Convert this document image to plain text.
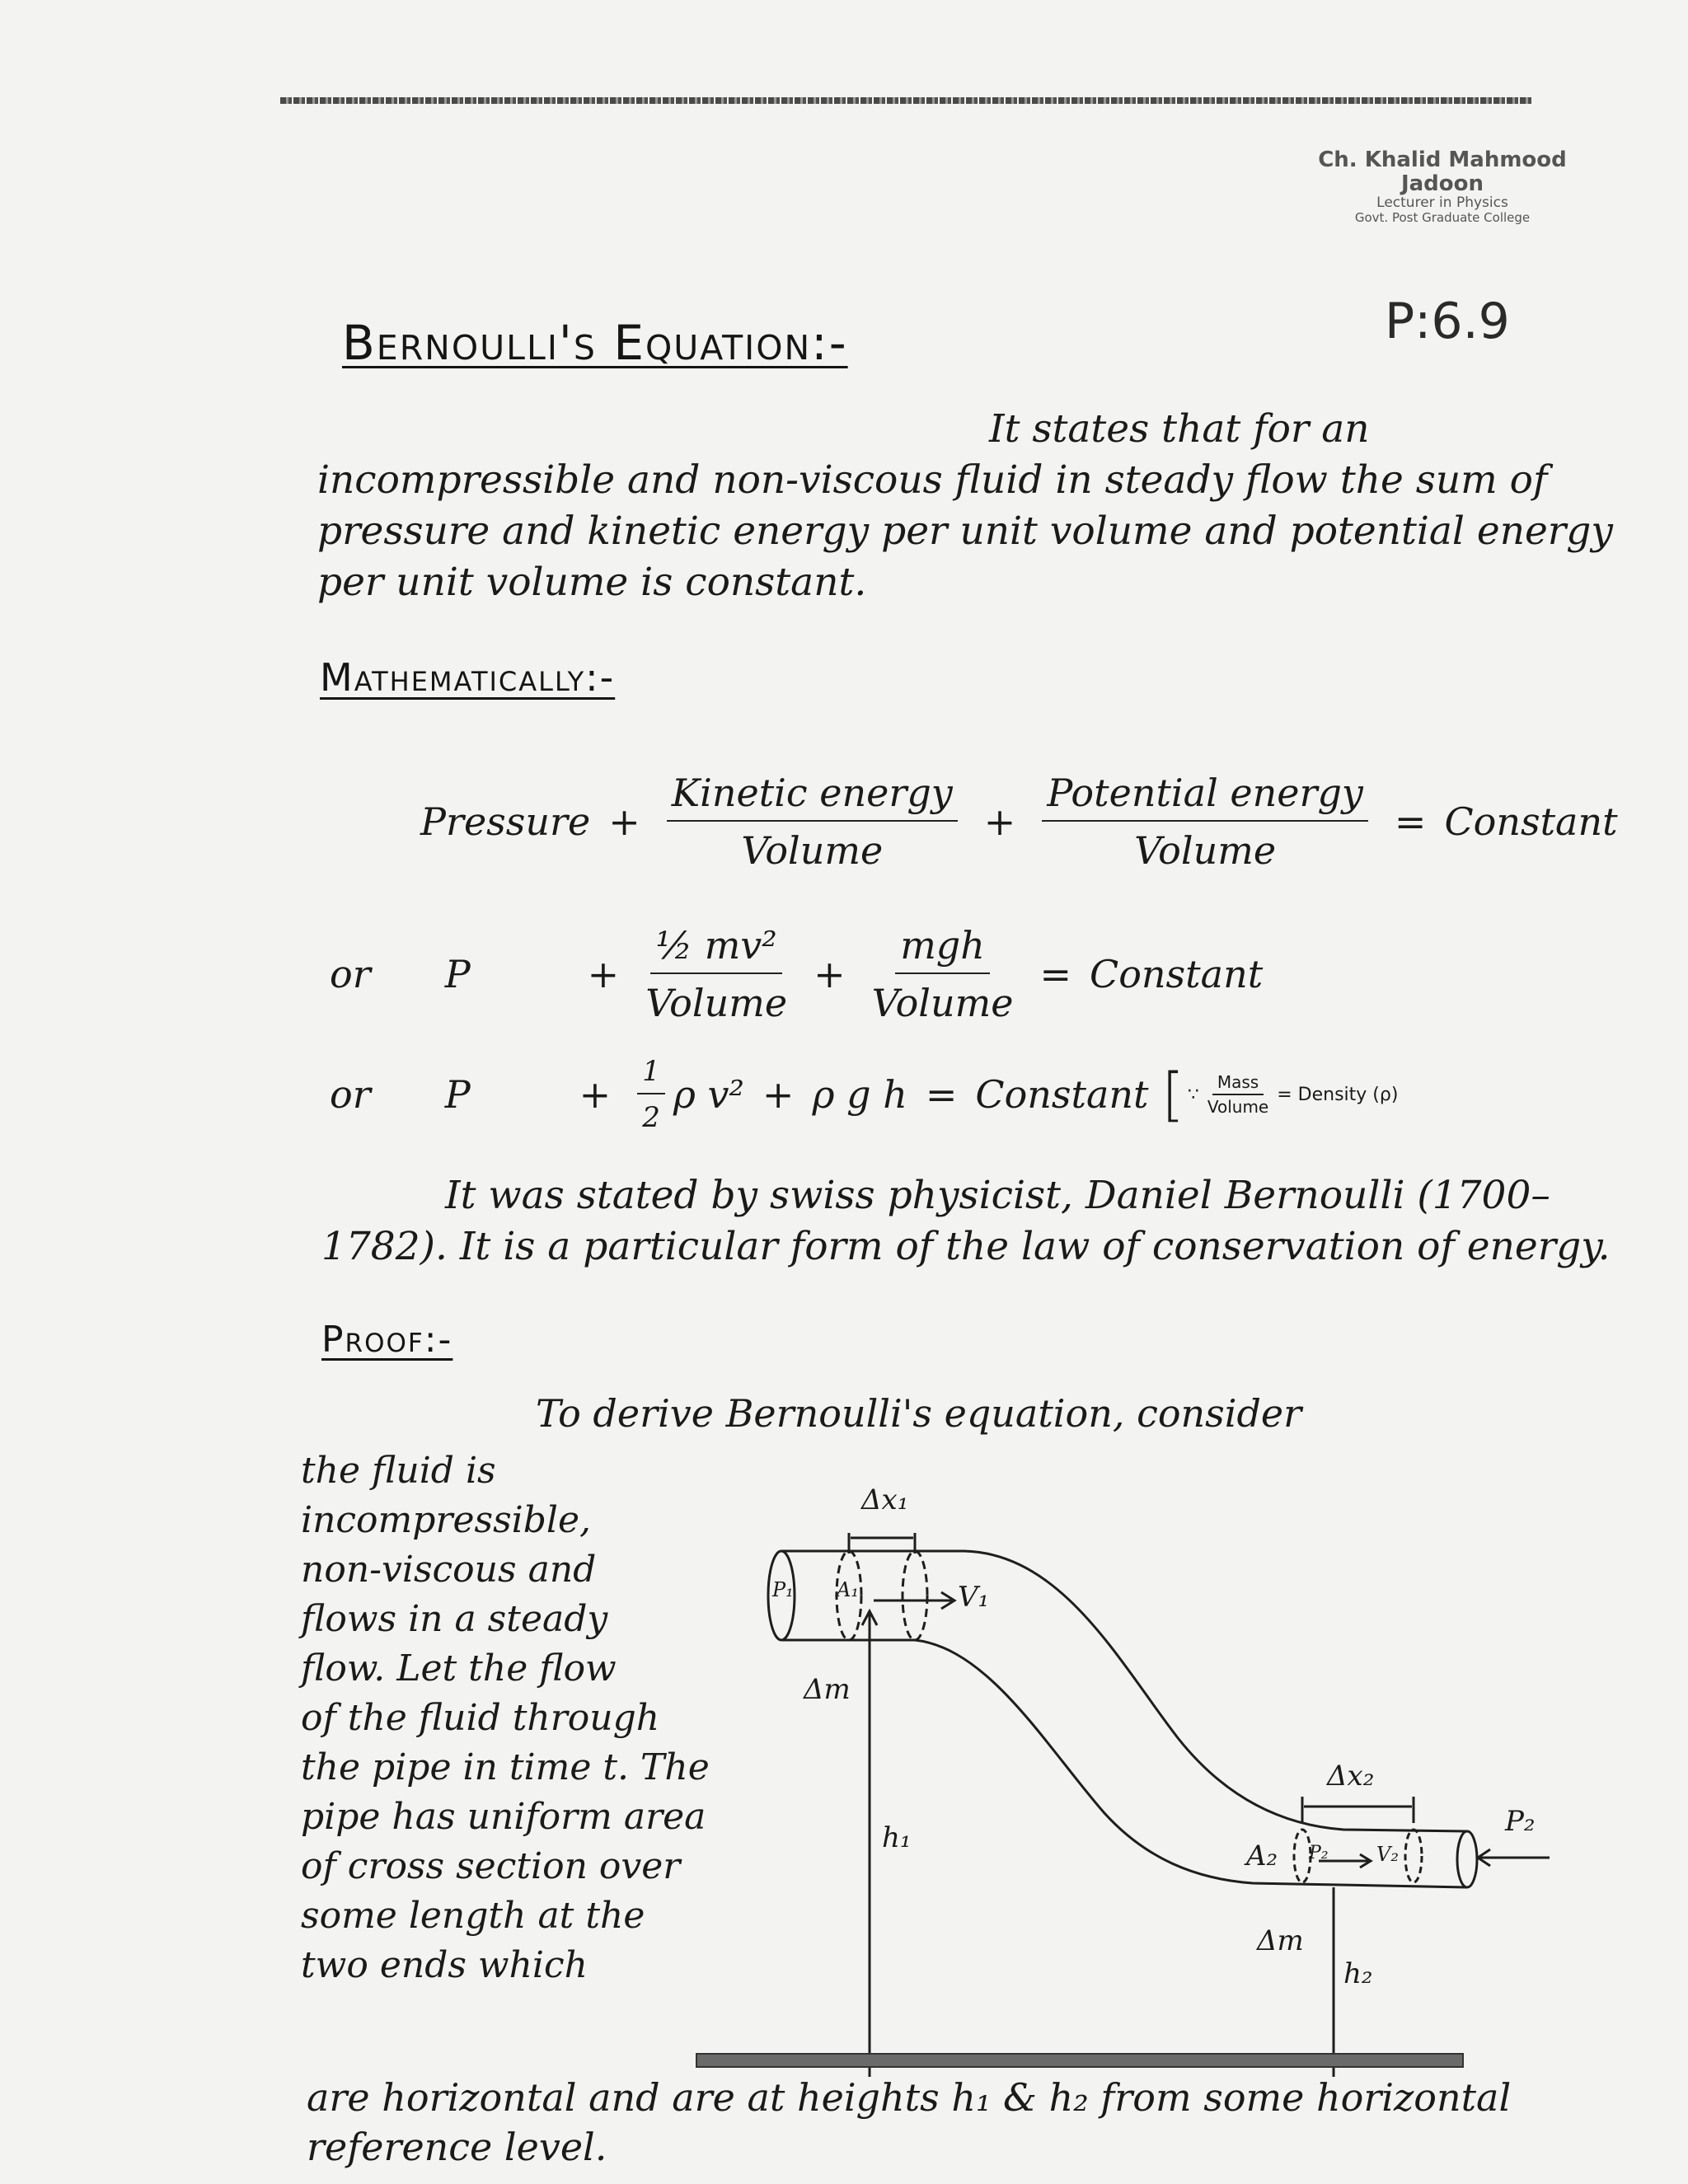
Ch. Khalid Mahmood Jadoon
Lecturer in Physics
Govt. Post Graduate College
P:6.9
Bernoulli's Equation:-
It states that for an
incompressible and non-viscous fluid in steady flow the sum of pressure and kinetic energy per unit volume and potential energy per unit volume is constant.
Mathematically:-
Pressure + $\frac{\text{Kinetic energy}}{\text{Volume}} + \frac{\text{Potential energy}}{\text{Volume}}$ = Constant
or P	+ $\frac{\text{½ mv²}}{\text{Volume}} + \frac{\text{mgh}}{\text{Volume}}$ = Constant
or P	+ $\frac{1}{2}$ ρ v² + ρ g h = Constant [ ∵ $\frac{\text{Mass}}{\text{Volume}}$ = Density (ρ)
It was stated by swiss physicist, Daniel Bernoulli (1700–1782). It is a particular form of the law of conservation of energy.
Proof:-
To derive Bernoulli's equation, consider
the fluid is
incompressible,
non-viscous and
flows in a steady
flow. Let the flow
of the fluid through
the pipe in time t. The
pipe has uniform area
of cross section over
some length at the
two ends which
Δx₁
P₁ A₁	V₁
Δm
h₁
Δx₂
A₂ P₂ V₂
P₂
Δm
h₂
are horizontal and are at heights h₁ & h₂ from some horizontal reference level.
